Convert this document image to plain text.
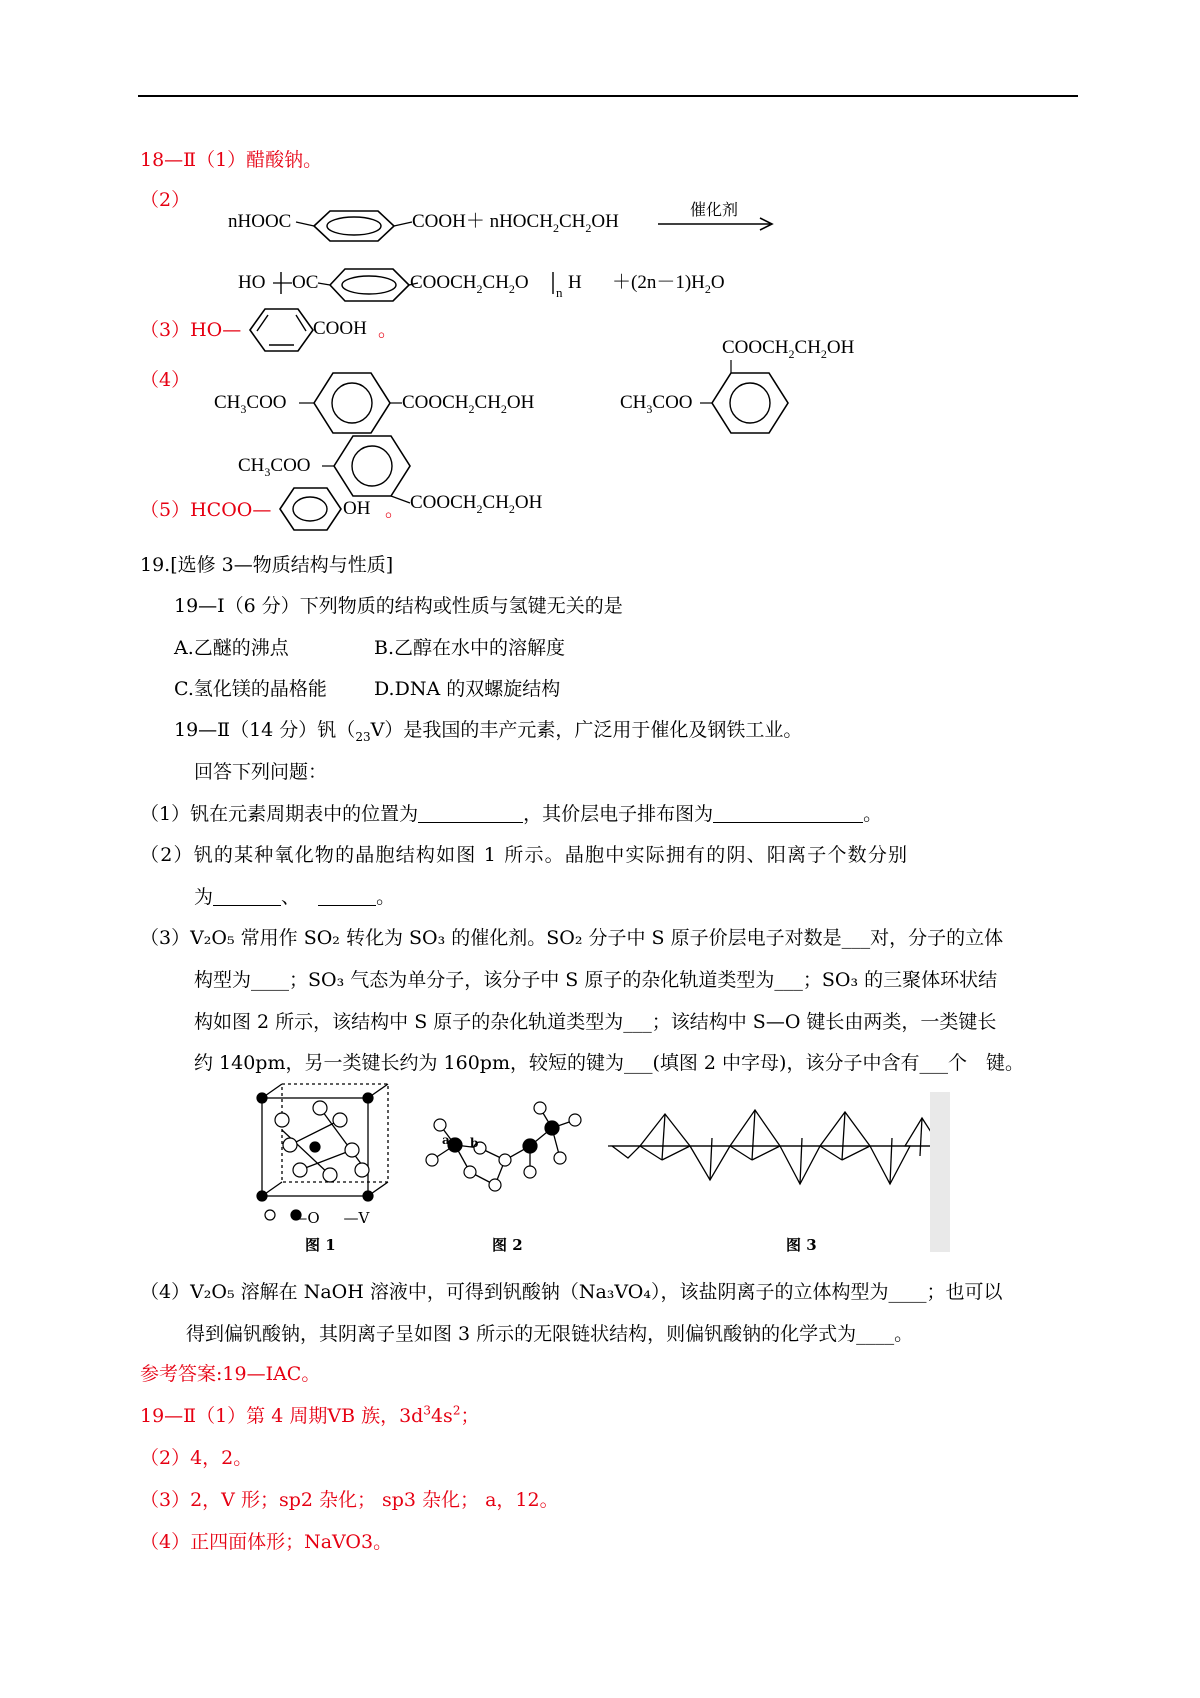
18—Ⅱ（1）醋酸钠。
（2）
nHOOC	COOH＋ $nHOCH_2CH_2OH$
催化剂
HO OC	$COOCH_2CH_2O$ n $H +(2n-1)H_2O$
（3）HO—	COOH 。
（4）
$CH_3COO$	$COOCH_2CH_2OH$
$CH_3COO$
$COOCH_2CH_2OH$
$COOCH_2CH_2OH$
$CH_3COO$
（5）HCOO—	OH 。
19.[选修 3—物质结构与性质]
19—Ⅰ（6 分）下列物质的结构或性质与氢键无关的是
A.乙醚的沸点	B.乙醇在水中的溶解度
C.氢化镁的晶格能 D.DNA 的双螺旋结构
19—Ⅱ（14 分）钒$(_{23}V)$是我国的丰产元素，广泛用于催化及钢铁工业。
回答下列问题：
（1）钒在元素周期表中的位置为	，其价层电子排布图为	。
（2）钒的某种氧化物的晶胞结构如图 1 所示。晶胞中实际拥有的阴、阳离子个数分别
为	、	。
（3）V₂O₅ 常用作 SO₂ 转化为 SO₃ 的催化剂。SO₂ 分子中 S 原子价层电子对数是___对，分子的立体
构型为____；SO₃ 气态为单分子，该分子中 S 原子的杂化轨道类型为___；SO₃ 的三聚体环状结
构如图 2 所示，该结构中 S 原子的杂化轨道类型为___；该结构中 S—O 键长由两类，一类键长
约 140pm，另一类键长约为 160pm，较短的键为___(填图 2 中字母)，该分子中含有___个　键。
—O     —V
a b
图 1	图 2	图 3
（4）V₂O₅ 溶解在 NaOH 溶液中，可得到钒酸钠（Na₃VO₄），该盐阴离子的立体构型为____；也可以
得到偏钒酸钠，其阴离子呈如图 3 所示的无限链状结构，则偏钒酸钠的化学式为____。
参考答案:19—ⅠAC。
19—Ⅱ（1）第 4 周期ⅤB 族，$3d^34s^2$；
（2）4，2。
（3）2，V 形；sp2 杂化； sp3 杂化； a，12。
（4）正四面体形；NaVO3。
